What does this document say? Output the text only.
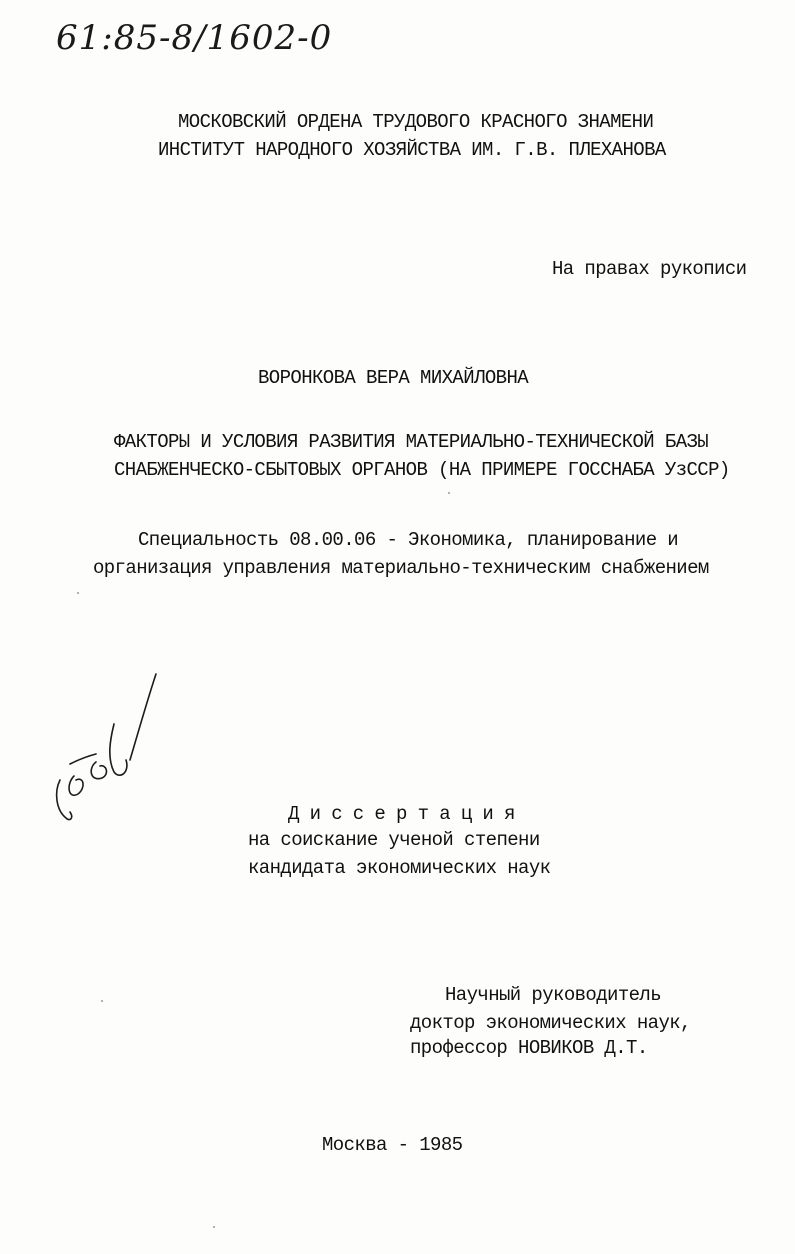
61:85-8/1602-0
МОСКОВСКИЙ ОРДЕНА ТРУДОВОГО КРАСНОГО ЗНАМЕНИ
ИНСТИТУТ НАРОДНОГО ХОЗЯЙСТВА ИМ. Г.В. ПЛЕХАНОВА
На правах рукописи
ВОРОНКОВА ВЕРА МИХАЙЛОВНА
ФАКТОРЫ И УСЛОВИЯ РАЗВИТИЯ МАТЕРИАЛЬНО-ТЕХНИЧЕСКОЙ БАЗЫ
СНАБЖЕНЧЕСКО-СБЫТОВЫХ ОРГАНОВ (НА ПРИМЕРЕ ГОССНАБА УзССР)
Специальность 08.00.06 - Экономика, планирование и
организация управления материально-техническим снабжением
Д и с с е р т а ц и я
на соискание ученой степени
кандидата экономических наук
Научный руководитель
доктор экономических наук,
профессор НОВИКОВ Д.Т.
Москва - 1985
